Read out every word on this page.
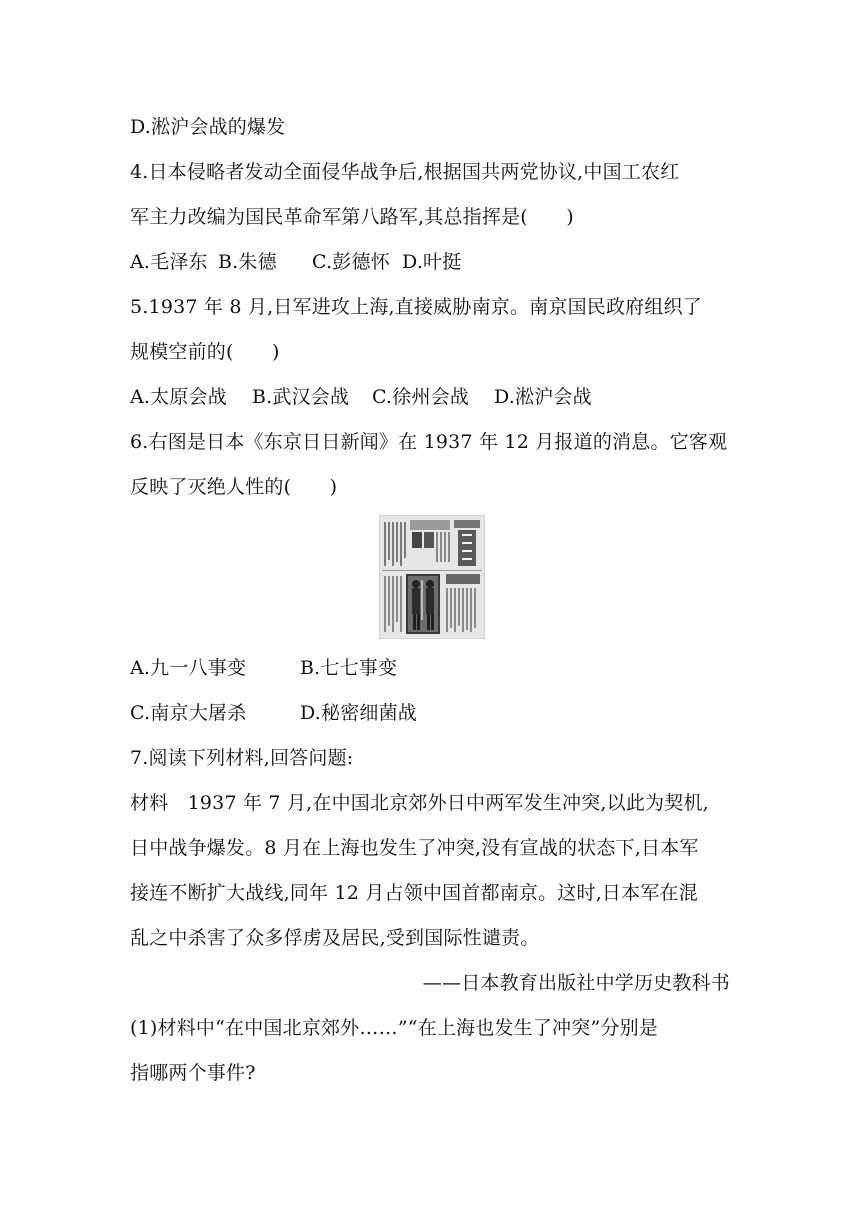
D.淞沪会战的爆发
4.日本侵略者发动全面侵华战争后,根据国共两党协议,中国工农红
军主力改编为国民革命军第八路军,其总指挥是(　　)
A.毛泽东 B.朱德 C.彭德怀 D.叶挺
5.1937 年 8 月,日军进攻上海,直接威胁南京。南京国民政府组织了
规模空前的(　　)
A.太原会战 B.武汉会战 C.徐州会战 D.淞沪会战
6.右图是日本《东京日日新闻》在 1937 年 12 月报道的消息。它客观
反映了灭绝人性的(　　)
A.九一八事变	B.七七事变
C.南京大屠杀	D.秘密细菌战
7.阅读下列材料,回答问题:
材料　1937 年 7 月,在中国北京郊外日中两军发生冲突,以此为契机,
日中战争爆发。8 月在上海也发生了冲突,没有宣战的状态下,日本军
接连不断扩大战线,同年 12 月占领中国首都南京。这时,日本军在混
乱之中杀害了众多俘虏及居民,受到国际性谴责。
——日本教育出版社中学历史教科书
(1)材料中“在中国北京郊外……”“在上海也发生了冲突”分别是
指哪两个事件?
